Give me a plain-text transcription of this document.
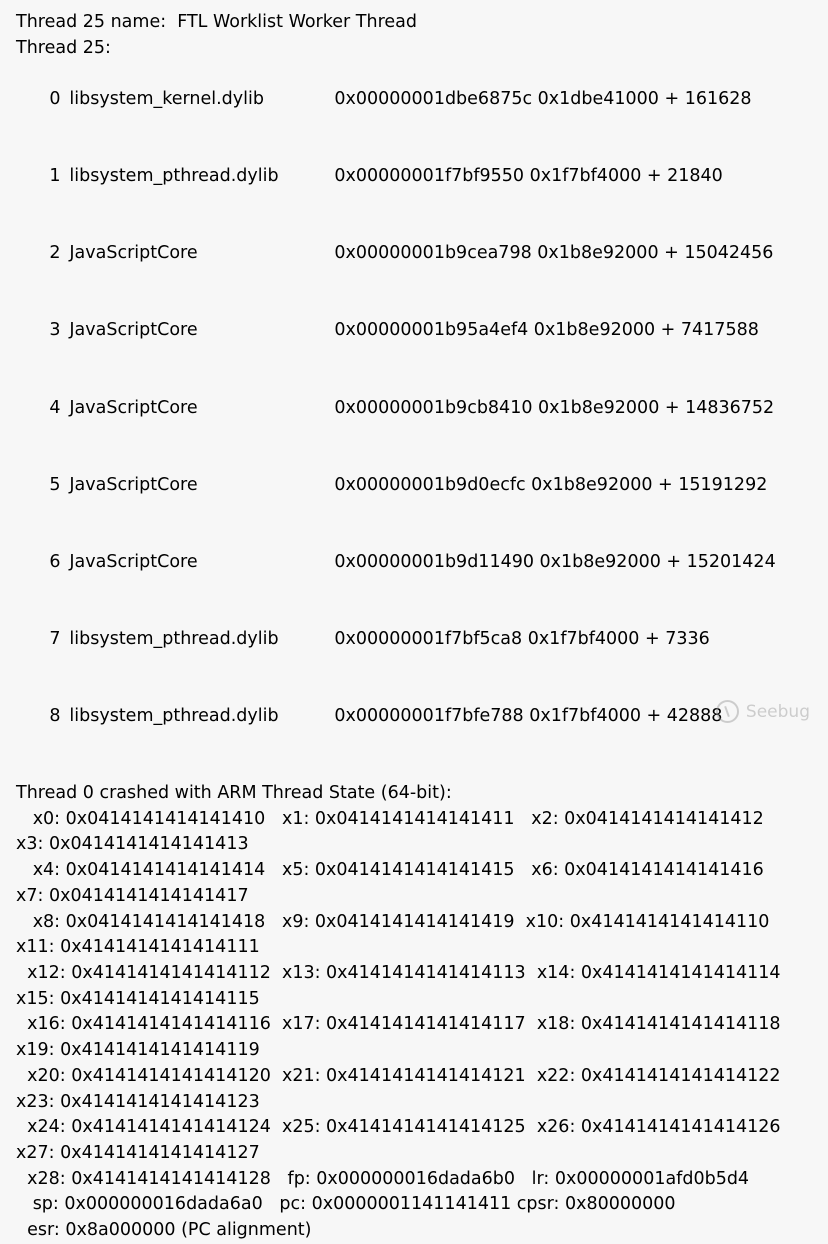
Thread 25 name:  FTL Worklist Worker Thread
Thread 25:

0 libsystem_kernel.dylib	0x00000001dbe6875c 0x1dbe41000 + 161628

1 libsystem_pthread.dylib	0x00000001f7bf9550 0x1f7bf4000 + 21840

2 JavaScriptCore	0x00000001b9cea798 0x1b8e92000 + 15042456

3 JavaScriptCore	0x00000001b95a4ef4 0x1b8e92000 + 7417588

4 JavaScriptCore	0x00000001b9cb8410 0x1b8e92000 + 14836752

5 JavaScriptCore	0x00000001b9d0ecfc 0x1b8e92000 + 15191292

6 JavaScriptCore	0x00000001b9d11490 0x1b8e92000 + 15201424

7 libsystem_pthread.dylib	0x00000001f7bf5ca8 0x1f7bf4000 + 7336

8 libsystem_pthread.dylib	0x00000001f7bfe788 0x1f7bf4000 + 42888

Thread 0 crashed with ARM Thread State (64-bit):
x0: 0x0414141414141410   x1: 0x0414141414141411   x2: 0x0414141414141412
x3: 0x0414141414141413
x4: 0x0414141414141414   x5: 0x0414141414141415   x6: 0x0414141414141416
x7: 0x0414141414141417
x8: 0x0414141414141418   x9: 0x0414141414141419  x10: 0x4141414141414110
x11: 0x4141414141414111
x12: 0x4141414141414112  x13: 0x4141414141414113  x14: 0x4141414141414114
x15: 0x4141414141414115
x16: 0x4141414141414116  x17: 0x4141414141414117  x18: 0x4141414141414118
x19: 0x4141414141414119
x20: 0x4141414141414120  x21: 0x4141414141414121  x22: 0x4141414141414122
x23: 0x4141414141414123
x24: 0x4141414141414124  x25: 0x4141414141414125  x26: 0x4141414141414126
x27: 0x4141414141414127
x28: 0x4141414141414128   fp: 0x000000016dada6b0   lr: 0x00000001afd0b5d4
sp: 0x000000016dada6a0   pc: 0x0000001141141411 cpsr: 0x80000000
esr: 0x8a000000 (PC alignment)
Seebug
